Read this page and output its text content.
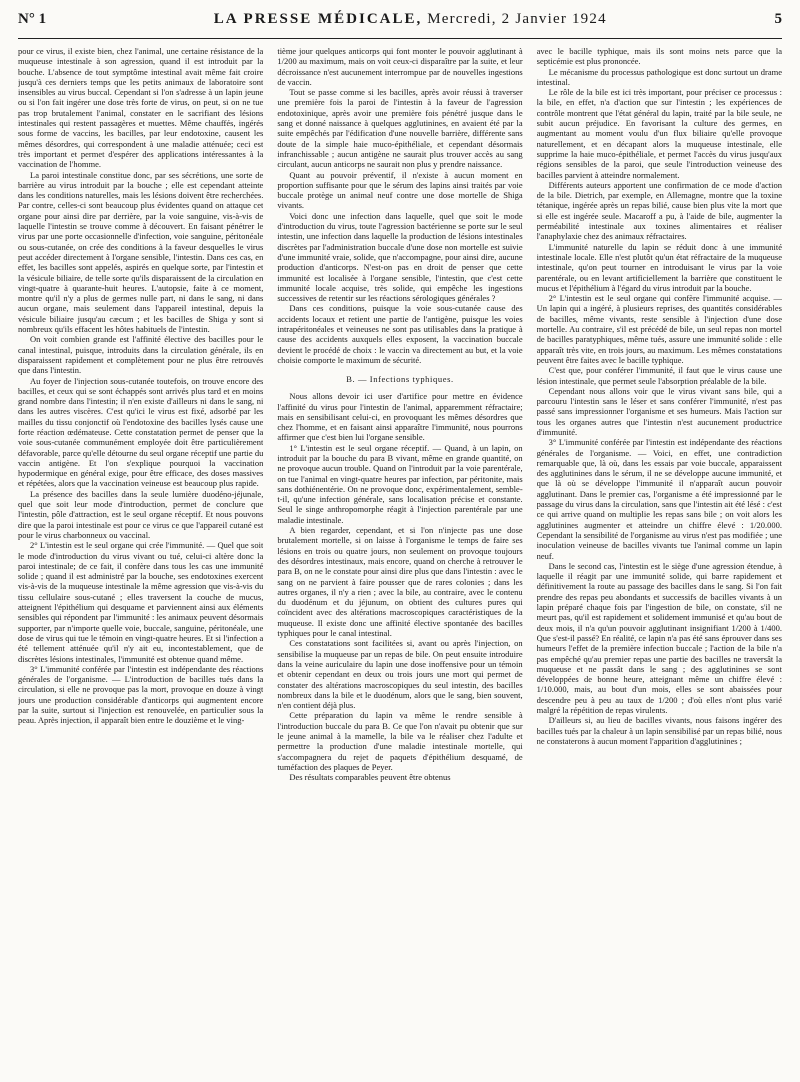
N° 1	LA PRESSE MÉDICALE, Mercredi, 2 Janvier 1924	5

pour ce virus, il existe bien, chez l'animal, une certaine résistance de la muqueuse intestinale à son agression, quand il est introduit par la bouche. L'absence de tout symptôme intestinal avait même fait croire jusqu'à ces derniers temps que les petits animaux de laboratoire sont insensibles au virus buccal. Cependant si l'on s'adresse à un lapin jeune ou si l'on fait ingérer une dose très forte de virus, on peut, si on ne tue pas trop brutalement l'animal, constater en le sacrifiant des lésions intestinales qui restent passagères et muettes. Même chauffés, ingérés sous forme de vaccins, les bacilles, par leur endotoxine, causent les mêmes désordres, qui correspondent à une maladie atténuée; ceci est très important et permet d'espérer des applications intéressantes à la vaccination de l'homme.

La paroi intestinale constitue donc, par ses sécrétions, une sorte de barrière au virus introduit par la bouche ; elle est cependant atteinte dans les conditions naturelles, mais les lésions doivent être recherchées. Par contre, celles-ci sont beaucoup plus évidentes quand on attaque cet organe pour ainsi dire par derrière, par la voie sanguine, vis-à-vis de laquelle l'intestin se trouve comme à découvert. En faisant pénétrer le virus par une porte occasionnelle d'infection, voie sanguine, péritonéale ou sous-cutanée, on crée des conditions à la faveur desquelles le virus peut accéder directement à l'organe sensible, l'intestin. Dans ces cas, en effet, les bacilles sont appelés, aspirés en quelque sorte, par l'intestin et la vésicule biliaire, de telle sorte qu'ils disparaissent de la circulation en vingt-quatre à quarante-huit heures. L'autopsie, faite à ce moment, montre qu'il n'y a plus de germes nulle part, ni dans le sang, ni dans aucun organe, mais seulement dans l'appareil intestinal, depuis la vésicule biliaire jusqu'au cæcum ; et les bacilles de Shiga y sont si nombreux qu'ils effacent les hôtes habituels de l'intestin.

On voit combien grande est l'affinité élective des bacilles pour le canal intestinal, puisque, introduits dans la circulation générale, ils en disparaissent rapidement et complètement pour ne plus être retrouvés que dans l'intestin.

Au foyer de l'injection sous-cutanée toutefois, on trouve encore des bacilles, et ceux qui se sont échappés sont arrivés plus tard et en moins grand nombre dans l'intestin; il n'en existe d'ailleurs ni dans le sang, ni dans les autres viscères. C'est qu'ici le virus est fixé, adsorbé par les mailles du tissu conjonctif où l'endotoxine des bacilles lysés cause une forte réaction œdémateuse. Cette constatation permet de penser que la voie sous-cutanée communément employée doit être particulièrement défavorable, parce qu'elle détourne du seul organe réceptif une partie du vaccin antigène. Et l'on s'explique pourquoi la vaccination hypodermique en général exige, pour être efficace, des doses massives et répétées, alors que la vaccination veineuse est beaucoup plus rapide.

La présence des bacilles dans la seule lumière duodéno-jéjunale, quel que soit leur mode d'introduction, permet de conclure que l'intestin, pôle d'attraction, est le seul organe réceptif. Et nous pouvons dire que la paroi intestinale est pour ce virus ce que l'appareil cutané est pour le virus charbonneux ou vaccinal.

2° L'intestin est le seul organe qui crée l'immunité. — Quel que soit le mode d'introduction du virus vivant ou tué, celui-ci altère donc la paroi intestinale; de ce fait, il confère dans tous les cas une immunité solide ; quand il est administré par la bouche, ses endotoxines exercent vis-à-vis de la muqueuse intestinale la même agression que vis-à-vis du tissu cellulaire sous-cutané ; elles traversent la couche de mucus, atteignent l'épithélium qui desquame et parviennent ainsi aux éléments sensibles qui répondent par l'immunité : les animaux peuvent désormais supporter, par n'importe quelle voie, buccale, sanguine, péritonéale, une dose de virus qui tue le témoin en vingt-quatre heures. Et si l'infection a été tellement atténuée qu'il n'y ait eu, incontestablement, que de discrètes lésions intestinales, l'immunité est obtenue quand même.

3° L'immunité conférée par l'intestin est indépendante des réactions générales de l'organisme. — L'introduction de bacilles tués dans la circulation, si elle ne provoque pas la mort, provoque en douze à vingt jours une production considérable d'anticorps qui augmentent encore par la suite, surtout si l'injection est renouvelée, en particulier sous la peau. Après injection, il apparaît bien entre le douzième et le ving-

tième jour quelques anticorps qui font monter le pouvoir agglutinant à 1/200 au maximum, mais on voit ceux-ci disparaître par la suite, et leur décroissance n'est aucunement interrompue par de nouvelles ingestions de vaccin.

Tout se passe comme si les bacilles, après avoir réussi à traverser une première fois la paroi de l'intestin à la faveur de l'agression endotoxinique, après avoir une première fois pénétré jusque dans le sang et donné naissance à quelques agglutinines, en avaient été par la suite empêchés par l'édification d'une nouvelle barrière, différente sans doute de la simple haie muco-épithéliale, et cependant désormais infranchissable ; aucun antigène ne saurait plus trouver accès au sang circulant, aucun anticorps ne saurait non plus y prendre naissance.

Quant au pouvoir préventif, il n'existe à aucun moment en proportion suffisante pour que le sérum des lapins ainsi traités par voie buccale protège un animal neuf contre une dose mortelle de Shiga vivants.

Voici donc une infection dans laquelle, quel que soit le mode d'introduction du virus, toute l'agression bactérienne se porte sur le seul intestin, une infection dans laquelle la production de lésions intestinales discrètes par l'administration buccale d'une dose non mortelle est suivie d'une immunité vraie, solide, que n'accompagne, pour ainsi dire, aucune production d'anticorps. N'est-on pas en droit de penser que cette immunité est localisée à l'organe sensible, l'intestin, que c'est cette immunité locale acquise, très solide, qui empêche les ingestions successives de retentir sur les réactions sérologiques générales ?

Dans ces conditions, puisque la voie sous-cutanée cause des accidents locaux et retient une partie de l'antigène, puisque les voies intrapéritonéales et veineuses ne sont pas utilisables dans la pratique à cause des accidents auxquels elles exposent, la vaccination buccale devient le procédé de choix : le vaccin va directement au but, et la voie choisie comporte le maximum de sécurité.

B. — Infections typhiques.

Nous allons devoir ici user d'artifice pour mettre en évidence l'affinité du virus pour l'intestin de l'animal, apparemment réfractaire; mais en sensibilisant celui-ci, en provoquant les mêmes désordres que chez l'homme, et en faisant ainsi apparaître l'immunité, nous pourrons affirmer que c'est bien lui l'organe sensible.

1° L'intestin est le seul organe réceptif. — Quand, à un lapin, on introduit par la bouche du para B vivant, même en grande quantité, on ne provoque aucun trouble. Quand on l'introduit par la voie parentérale, on tue l'animal en vingt-quatre heures par infection, par péritonite, mais sans dothiénentérie. On ne provoque donc, expérimentalement, semble-t-il, qu'une infection générale, sans localisation précise et constante. Seul le singe anthropomorphe réagit à l'injection parentérale par une maladie intestinale.

A bien regarder, cependant, et si l'on n'injecte pas une dose brutalement mortelle, si on laisse à l'organisme le temps de faire ses lésions en trois ou quatre jours, non seulement on provoque toujours des désordres intestinaux, mais encore, quand on cherche à retrouver le para B, on ne le constate pour ainsi dire plus que dans l'intestin : avec le sang on ne parvient à faire pousser que de rares colonies ; dans les autres organes, il n'y a rien ; avec la bile, au contraire, avec le contenu du duodénum et du jéjunum, on obtient des cultures pures qui coïncident avec des altérations macroscopiques caractéristiques de la muqueuse. Il existe donc une affinité élective spontanée des bacilles typhiques pour le canal intestinal.

Ces constatations sont facilitées si, avant ou après l'injection, on sensibilise la muqueuse par un repas de bile. On peut ensuite introduire dans la veine auriculaire du lapin une dose inoffensive pour un témoin et obtenir cependant en deux ou trois jours une mort qui permet de constater des altérations macroscopiques du seul intestin, des bacilles nombreux dans la bile et le duodénum, alors que le sang, bien souvent, n'en contient déjà plus.

Cette préparation du lapin va même le rendre sensible à l'introduction buccale du para B. Ce que l'on n'avait pu obtenir que sur le jeune animal à la mamelle, la bile va le réaliser chez l'adulte et permettre la production d'une maladie intestinale mortelle, qui s'accompagnera du rejet de paquets d'épithélium desquamé, de tuméfaction des plaques de Peyer.

Des résultats comparables peuvent être obtenus

avec le bacille typhique, mais ils sont moins nets parce que la septicémie est plus prononcée.

Le mécanisme du processus pathologique est donc surtout un drame intestinal.

Le rôle de la bile est ici très important, pour préciser ce processus : la bile, en effet, n'a d'action que sur l'intestin ; les expériences de contrôle montrent que l'état général du lapin, traité par la bile seule, ne subit aucun préjudice. En favorisant la culture des germes, en augmentant au moment voulu d'un flux biliaire qu'elle provoque naturellement, et en décapant alors la muqueuse intestinale, elle supprime la haie muco-épithéliale, et permet l'accès du virus jusqu'aux régions sensibles de la paroi, que seule l'introduction veineuse des bacilles parvient à atteindre normalement.

Différents auteurs apportent une confirmation de ce mode d'action de la bile. Dietrich, par exemple, en Allemagne, montre que la toxine tétanique, ingérée après un repas bilié, cause bien plus vite la mort que si elle est ingérée seule. Macaroff a pu, à l'aide de bile, augmenter la perméabilité intestinale aux toxines alimentaires et réaliser l'anaphylaxie chez des animaux réfractaires.

L'immunité naturelle du lapin se réduit donc à une immunité intestinale locale. Elle n'est plutôt qu'un état réfractaire de la muqueuse intestinale, qu'on peut tourner en introduisant le virus par la voie parentérale, ou en levant artificiellement la barrière que constituent le mucus et l'épithélium à l'égard du virus introduit par la bouche.

2° L'intestin est le seul organe qui confère l'immunité acquise. — Un lapin qui a ingéré, à plusieurs reprises, des quantités considérables de bacilles, même vivants, reste sensible à l'injection d'une dose mortelle. Au contraire, s'il est précédé de bile, un seul repas non mortel de bacilles paratyphiques, même tués, assure une immunité solide : elle apparaît très vite, en trois jours, au maximum. Les mêmes constatations peuvent être faites avec le bacille typhique.

C'est que, pour conférer l'immunité, il faut que le virus cause une lésion intestinale, que permet seule l'absorption préalable de la bile.

Cependant nous allons voir que le virus vivant sans bile, qui a parcouru l'intestin sans le léser et sans conférer l'immunité, n'est pas passé sans impressionner l'organisme et ses humeurs. Mais l'action sur tous les organes autres que l'intestin n'est aucunement productrice d'immunité.

3° L'immunité conférée par l'intestin est indépendante des réactions générales de l'organisme. — Voici, en effet, une contradiction remarquable que, là où, dans les essais par voie buccale, apparaissent des agglutinines dans le sérum, il ne se développe aucune immunité, et que là où se développe l'immunité il n'apparaît aucun pouvoir agglutinant. Dans le premier cas, l'organisme a été impressionné par le passage du virus dans la circulation, sans que l'intestin ait été lésé : c'est ce qui arrive quand on multiplie les repas sans bile ; on voit alors les agglutinines augmenter et atteindre un chiffre élevé : 1/20.000. Cependant la sensibilité de l'organisme au virus n'est pas modifiée ; une inoculation veineuse de bacilles vivants tue l'animal comme un lapin neuf.

Dans le second cas, l'intestin est le siège d'une agression étendue, à laquelle il réagit par une immunité solide, qui barre rapidement et définitivement la route au passage des bacilles dans le sang. Si l'on fait prendre des repas peu abondants et successifs de bacilles vivants à un lapin préparé chaque fois par l'ingestion de bile, on constate, s'il ne meurt pas, qu'il est rapidement et solidement immunisé et qu'au bout de deux mois, il n'a qu'un pouvoir agglutinant insignifiant 1/200 à 1/400. Que s'est-il passé? En réalité, ce lapin n'a pas été sans éprouver dans ses humeurs l'effet de la première infection buccale ; l'action de la bile n'a pas empêché qu'au premier repas une partie des bacilles ne traversât la muqueuse et ne passât dans le sang ; des agglutinines se sont développées de bonne heure, atteignant même un chiffre élevé : 1/10.000, mais, au bout d'un mois, elles se sont abaissées pour descendre peu à peu au taux de 1/200 ; d'où elles n'ont plus varié malgré la répétition de repas virulents.

D'ailleurs si, au lieu de bacilles vivants, nous faisons ingérer des bacilles tués par la chaleur à un lapin sensibilisé par un repas bilié, nous ne constaterons à aucun moment l'apparition d'agglutinines ;
